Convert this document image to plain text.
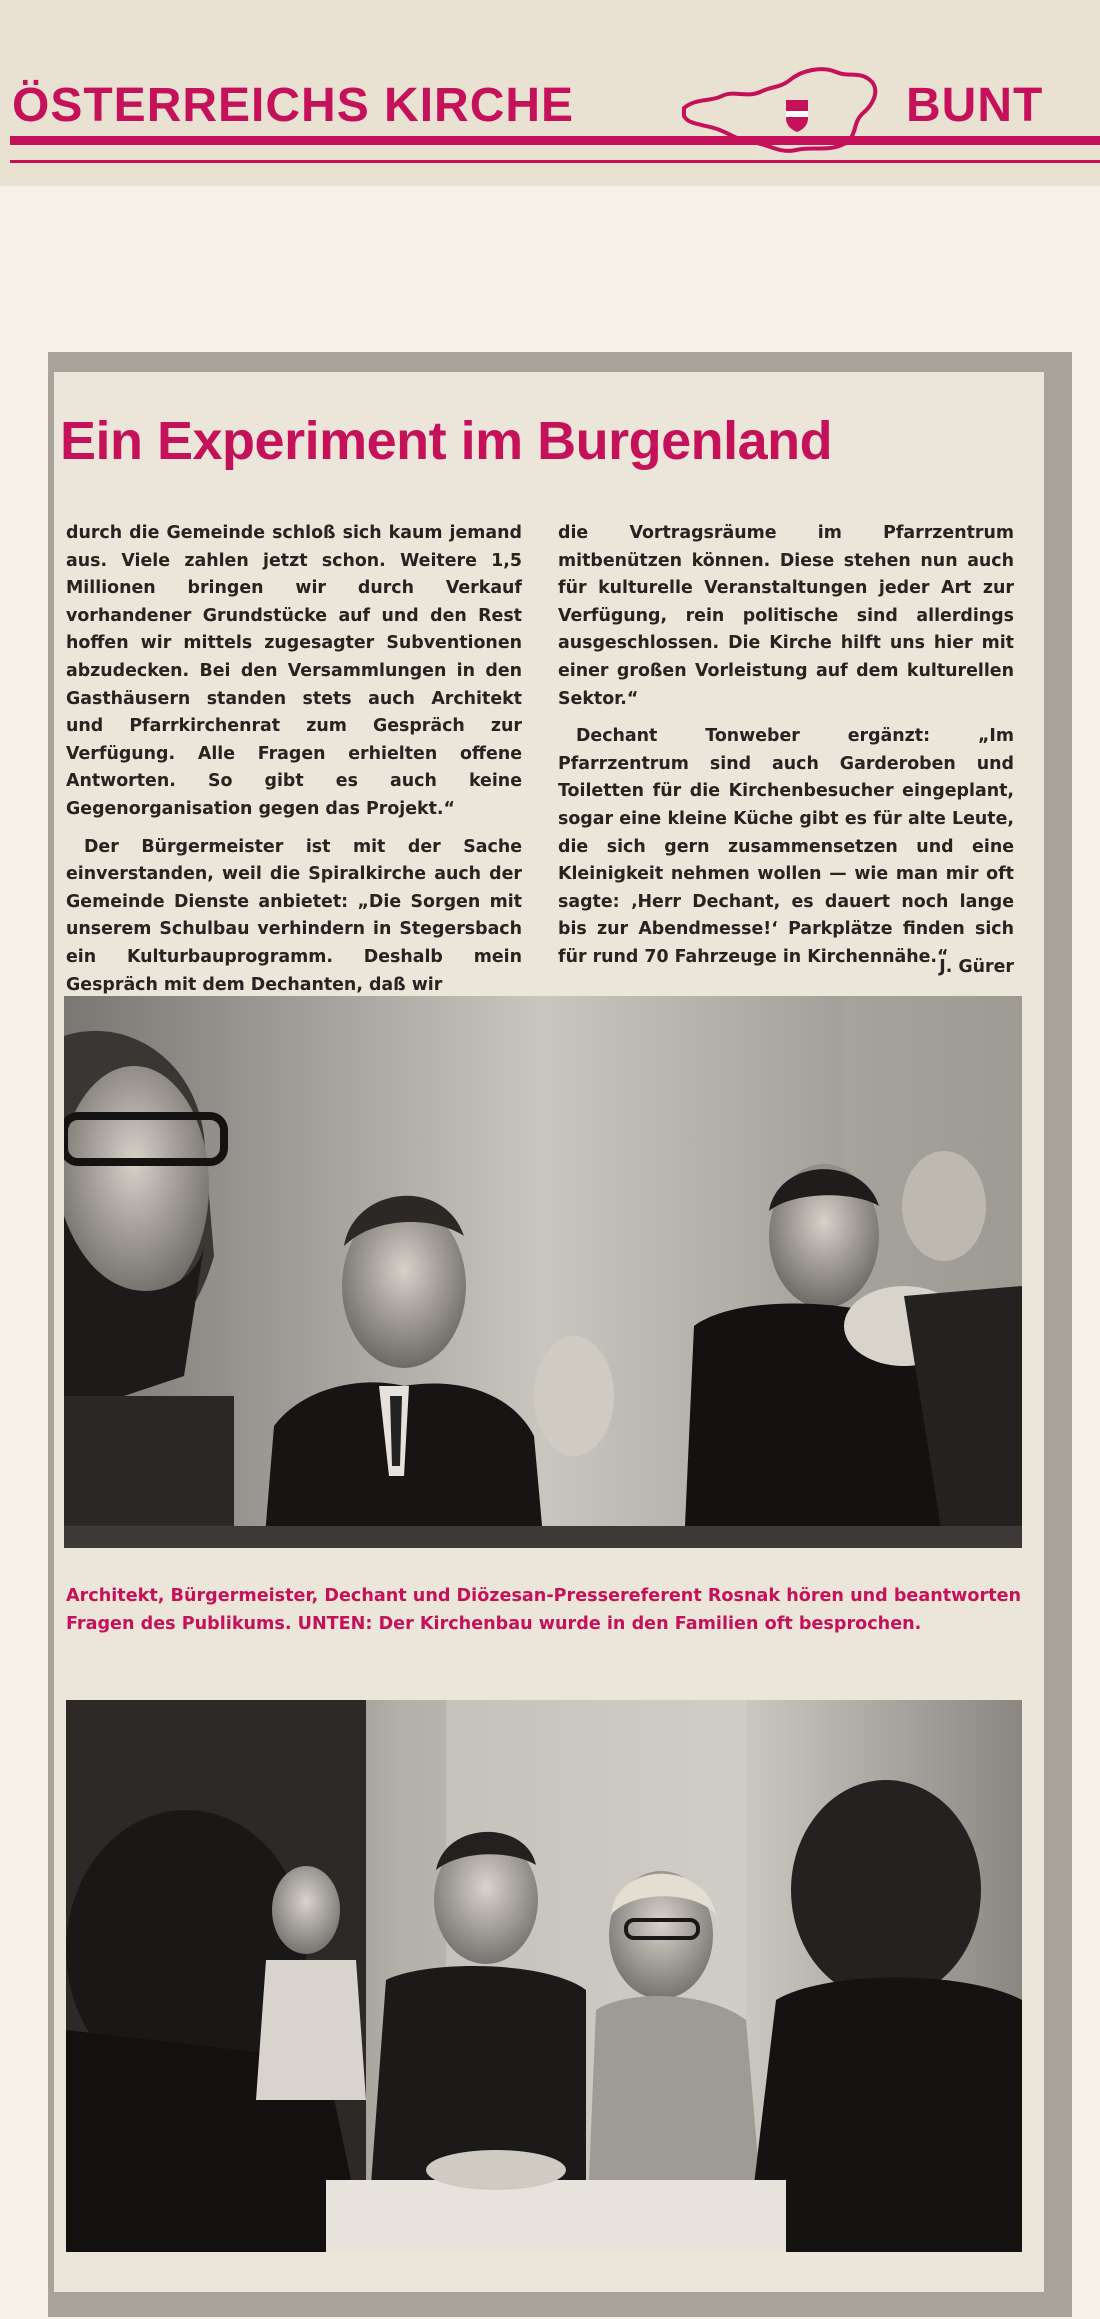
ÖSTERREICHS KIRCHE	BUNT
Ein Experiment im Burgenland

durch die Gemeinde schloß sich kaum jemand aus. Viele zahlen jetzt schon. Weitere 1,5 Millionen bringen wir durch Verkauf vorhandener Grundstücke auf und den Rest hoffen wir mittels zugesagter Subventionen abzudecken. Bei den Versammlungen in den Gasthäusern standen stets auch Architekt und Pfarrkirchenrat zum Gespräch zur Verfügung. Alle Fragen erhielten offene Antworten. So gibt es auch keine Gegenorganisation gegen das Projekt.“

Der Bürgermeister ist mit der Sache einverstanden, weil die Spiralkirche auch der Gemeinde Dienste anbietet: „Die Sorgen mit unserem Schulbau verhindern in Stegersbach ein Kulturbauprogramm. Deshalb mein Gespräch mit dem Dechanten, daß wir

die Vortragsräume im Pfarrzentrum mitbenützen können. Diese stehen nun auch für kulturelle Veranstaltungen jeder Art zur Verfügung, rein politische sind allerdings ausgeschlossen. Die Kirche hilft uns hier mit einer großen Vorleistung auf dem kulturellen Sektor.“

Dechant Tonweber ergänzt: „Im Pfarrzentrum sind auch Garderoben und Toiletten für die Kirchenbesucher eingeplant, sogar eine kleine Küche gibt es für alte Leute, die sich gern zusammensetzen und eine Kleinigkeit nehmen wollen — wie man mir oft sagte: ‚Herr Dechant, es dauert noch lange bis zur Abendmesse!‘ Parkplätze finden sich für rund 70 Fahrzeuge in Kirchennähe.“

J. Gürer
Architekt, Bürgermeister, Dechant und Diözesan-Pressereferent Rosnak hören und beantworten Fragen des Publikums. UNTEN: Der Kirchenbau wurde in den Familien oft besprochen.
